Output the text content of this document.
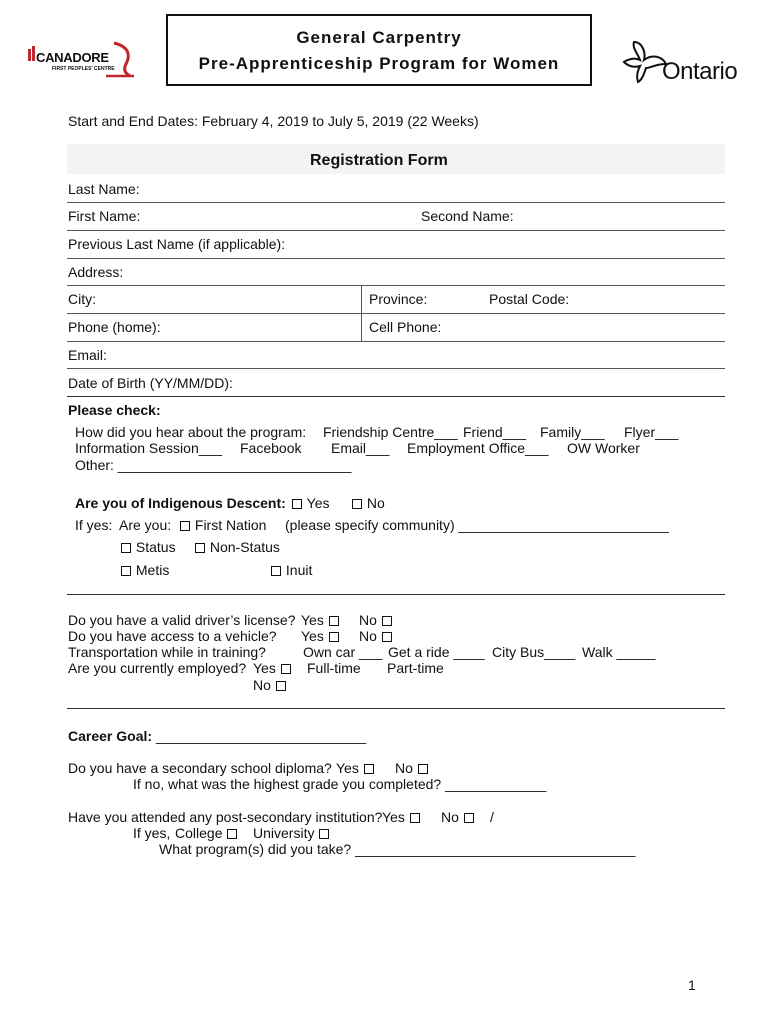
CANADORE
FIRST PEOPLES' CENTRE
General Carpentry
Pre-Apprenticeship Program for Women	Ontario
Start and End Dates: February 4, 2019 to July 5, 2019 (22 Weeks)
Registration Form
Last Name:
First Name:	Second Name:
Previous Last Name (if applicable):
Address:
City:	Province:	Postal Code:
Phone (home):	Cell Phone:
Email:
Date of Birth (YY/MM/DD):
Please check:
How did you hear about the program: Friendship Centre___ Friend___ Family___ Flyer___
Information Session___ Facebook Email___ Employment Office___ OW Worker
Other: ______________________________
Are you of Indigenous Descent:	Yes	No
If yes: Are you:	First Nation (please specify community) ___________________________
Status	Non-Status
Metis	Inuit
Do you have a valid driver’s license? Yes	No
Do you have access to a vehicle? Yes	No
Transportation while in training?	Own car ___ Get a ride ____ City Bus____ Walk _____
Are you currently employed? Yes	Full-time Part-time
No
Career Goal: ___________________________
Do you have a secondary school diploma? Yes	No
If no, what was the highest grade you completed? _____________
Have you attended any post-secondary institution? Yes	No	/
If yes, College	University
What program(s) did you take? ____________________________________
1
